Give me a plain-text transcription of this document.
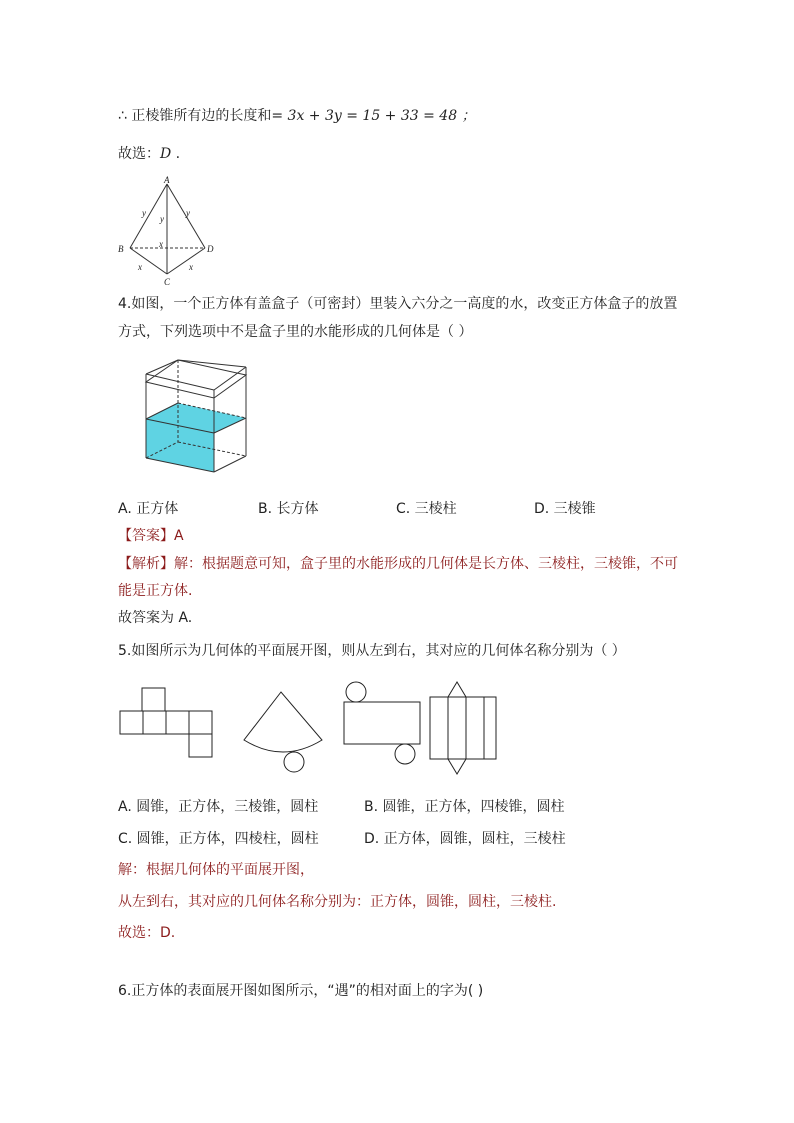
∴ 正棱锥所有边的长度和= 3x + 3y = 15 + 33 = 48 ；
故选：D .
A
B
C
D
y
y
y
x
x	x
4.如图，一个正方体有盖盒子（可密封）里装入六分之一高度的水，改变正方体盒子的放置
方式，下列选项中不是盒子里的水能形成的几何体是（ ）
A. 正方体	B. 长方体	C. 三棱柱	D. 三棱锥
【答案】A
【解析】解：根据题意可知，盒子里的水能形成的几何体是长方体、三棱柱，三棱锥，不可
能是正方体.
故答案为 A.
5.如图所示为几何体的平面展开图，则从左到右，其对应的几何体名称分别为（ ）
A. 圆锥，正方体，三棱锥，圆柱	B. 圆锥，正方体，四棱锥，圆柱
C. 圆锥，正方体，四棱柱，圆柱	D. 正方体，圆锥，圆柱，三棱柱
解：根据几何体的平面展开图，
从左到右，其对应的几何体名称分别为：正方体，圆锥，圆柱，三棱柱.
故选：D.
6.正方体的表面展开图如图所示，“遇”的相对面上的字为( )
